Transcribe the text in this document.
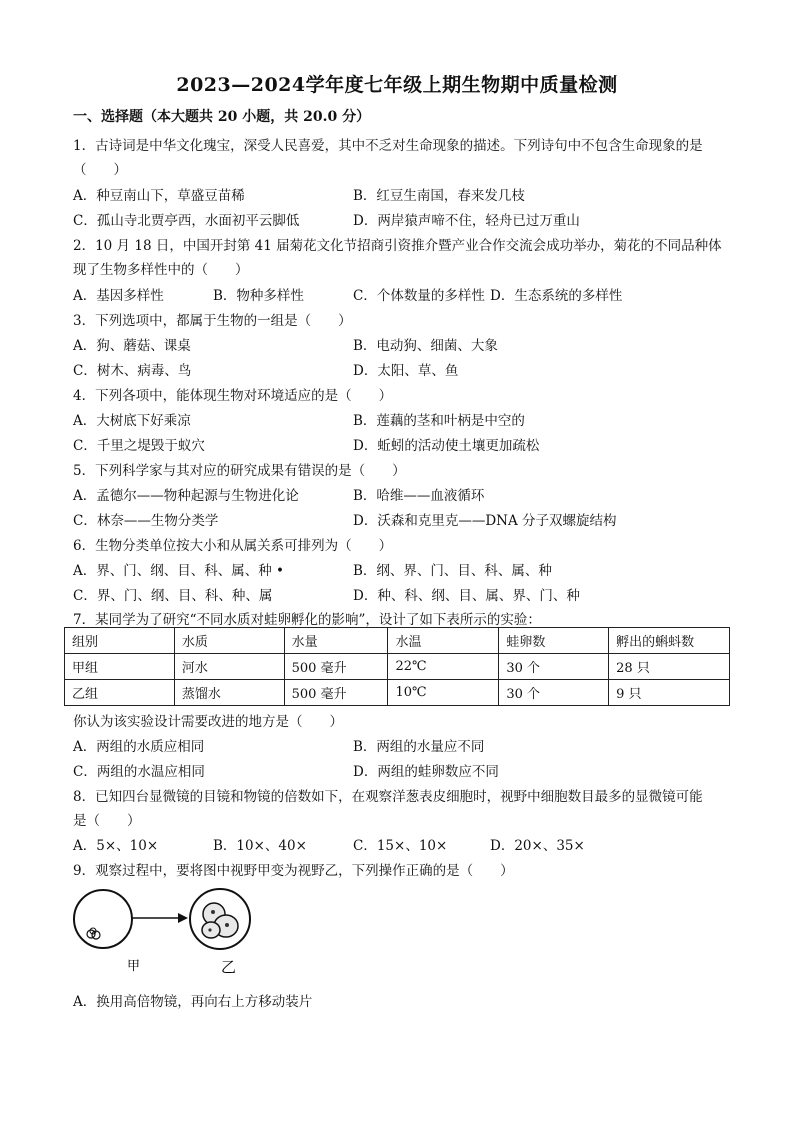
2023—2024学年度七年级上期生物期中质量检测
一、选择题（本大题共 20 小题，共 20.0 分）
1．古诗词是中华文化瑰宝，深受人民喜爱，其中不乏对生命现象的描述。下列诗句中不包含生命现象的是
（　　）
A．种豆南山下，草盛豆苗稀	B．红豆生南国，春来发几枝
C．孤山寺北贾亭西，水面初平云脚低	D．两岸猿声啼不住，轻舟已过万重山
2．10 月 18 日，中国开封第 41 届菊花文化节招商引资推介暨产业合作交流会成功举办，菊花的不同品种体
现了生物多样性中的（　　）
A．基因多样性	B．物种多样性	C．个体数量的多样性 D．生态系统的多样性
3．下列选项中，都属于生物的一组是（　　）
A．狗、蘑菇、课桌	B．电动狗、细菌、大象
C．树木、病毒、鸟	D．太阳、草、鱼
4．下列各项中，能体现生物对环境适应的是（　　）
A．大树底下好乘凉	B．莲藕的茎和叶柄是中空的
C．千里之堤毁于蚁穴	D．蚯蚓的活动使土壤更加疏松
5．下列科学家与其对应的研究成果有错误的是（　　）
A．孟德尔——物种起源与生物进化论	B．哈维——血液循环
C．林奈——生物分类学	D．沃森和克里克——DNA 分子双螺旋结构
6．生物分类单位按大小和从属关系可排列为（　　）
A．界、门、纲、目、科、属、种 •	B．纲、界、门、目、科、属、种
C．界、门、纲、目、科、种、属	D．种、科、纲、目、属、界、门、种
7．某同学为了研究“不同水质对蛙卵孵化的影响”，设计了如下表所示的实验：
组别	水质	水量	水温	蛙卵数	孵出的蝌蚪数
甲组	河水	500 毫升	22℃	30 个	28 只
乙组	蒸馏水	500 毫升	10℃	30 个	9 只
你认为该实验设计需要改进的地方是（　　）
A．两组的水质应相同	B．两组的水量应不同
C．两组的水温应相同	D．两组的蛙卵数应不同
8．已知四台显微镜的目镜和物镜的倍数如下，在观察洋葱表皮细胞时，视野中细胞数目最多的显微镜可能
是（　　）
A．5×、10×	B．10×、40×	C．15×、10×	D．20×、35×
9．观察过程中，要将图中视野甲变为视野乙，下列操作正确的是（　　）
甲	乙
A．换用高倍物镜，再向右上方移动装片
